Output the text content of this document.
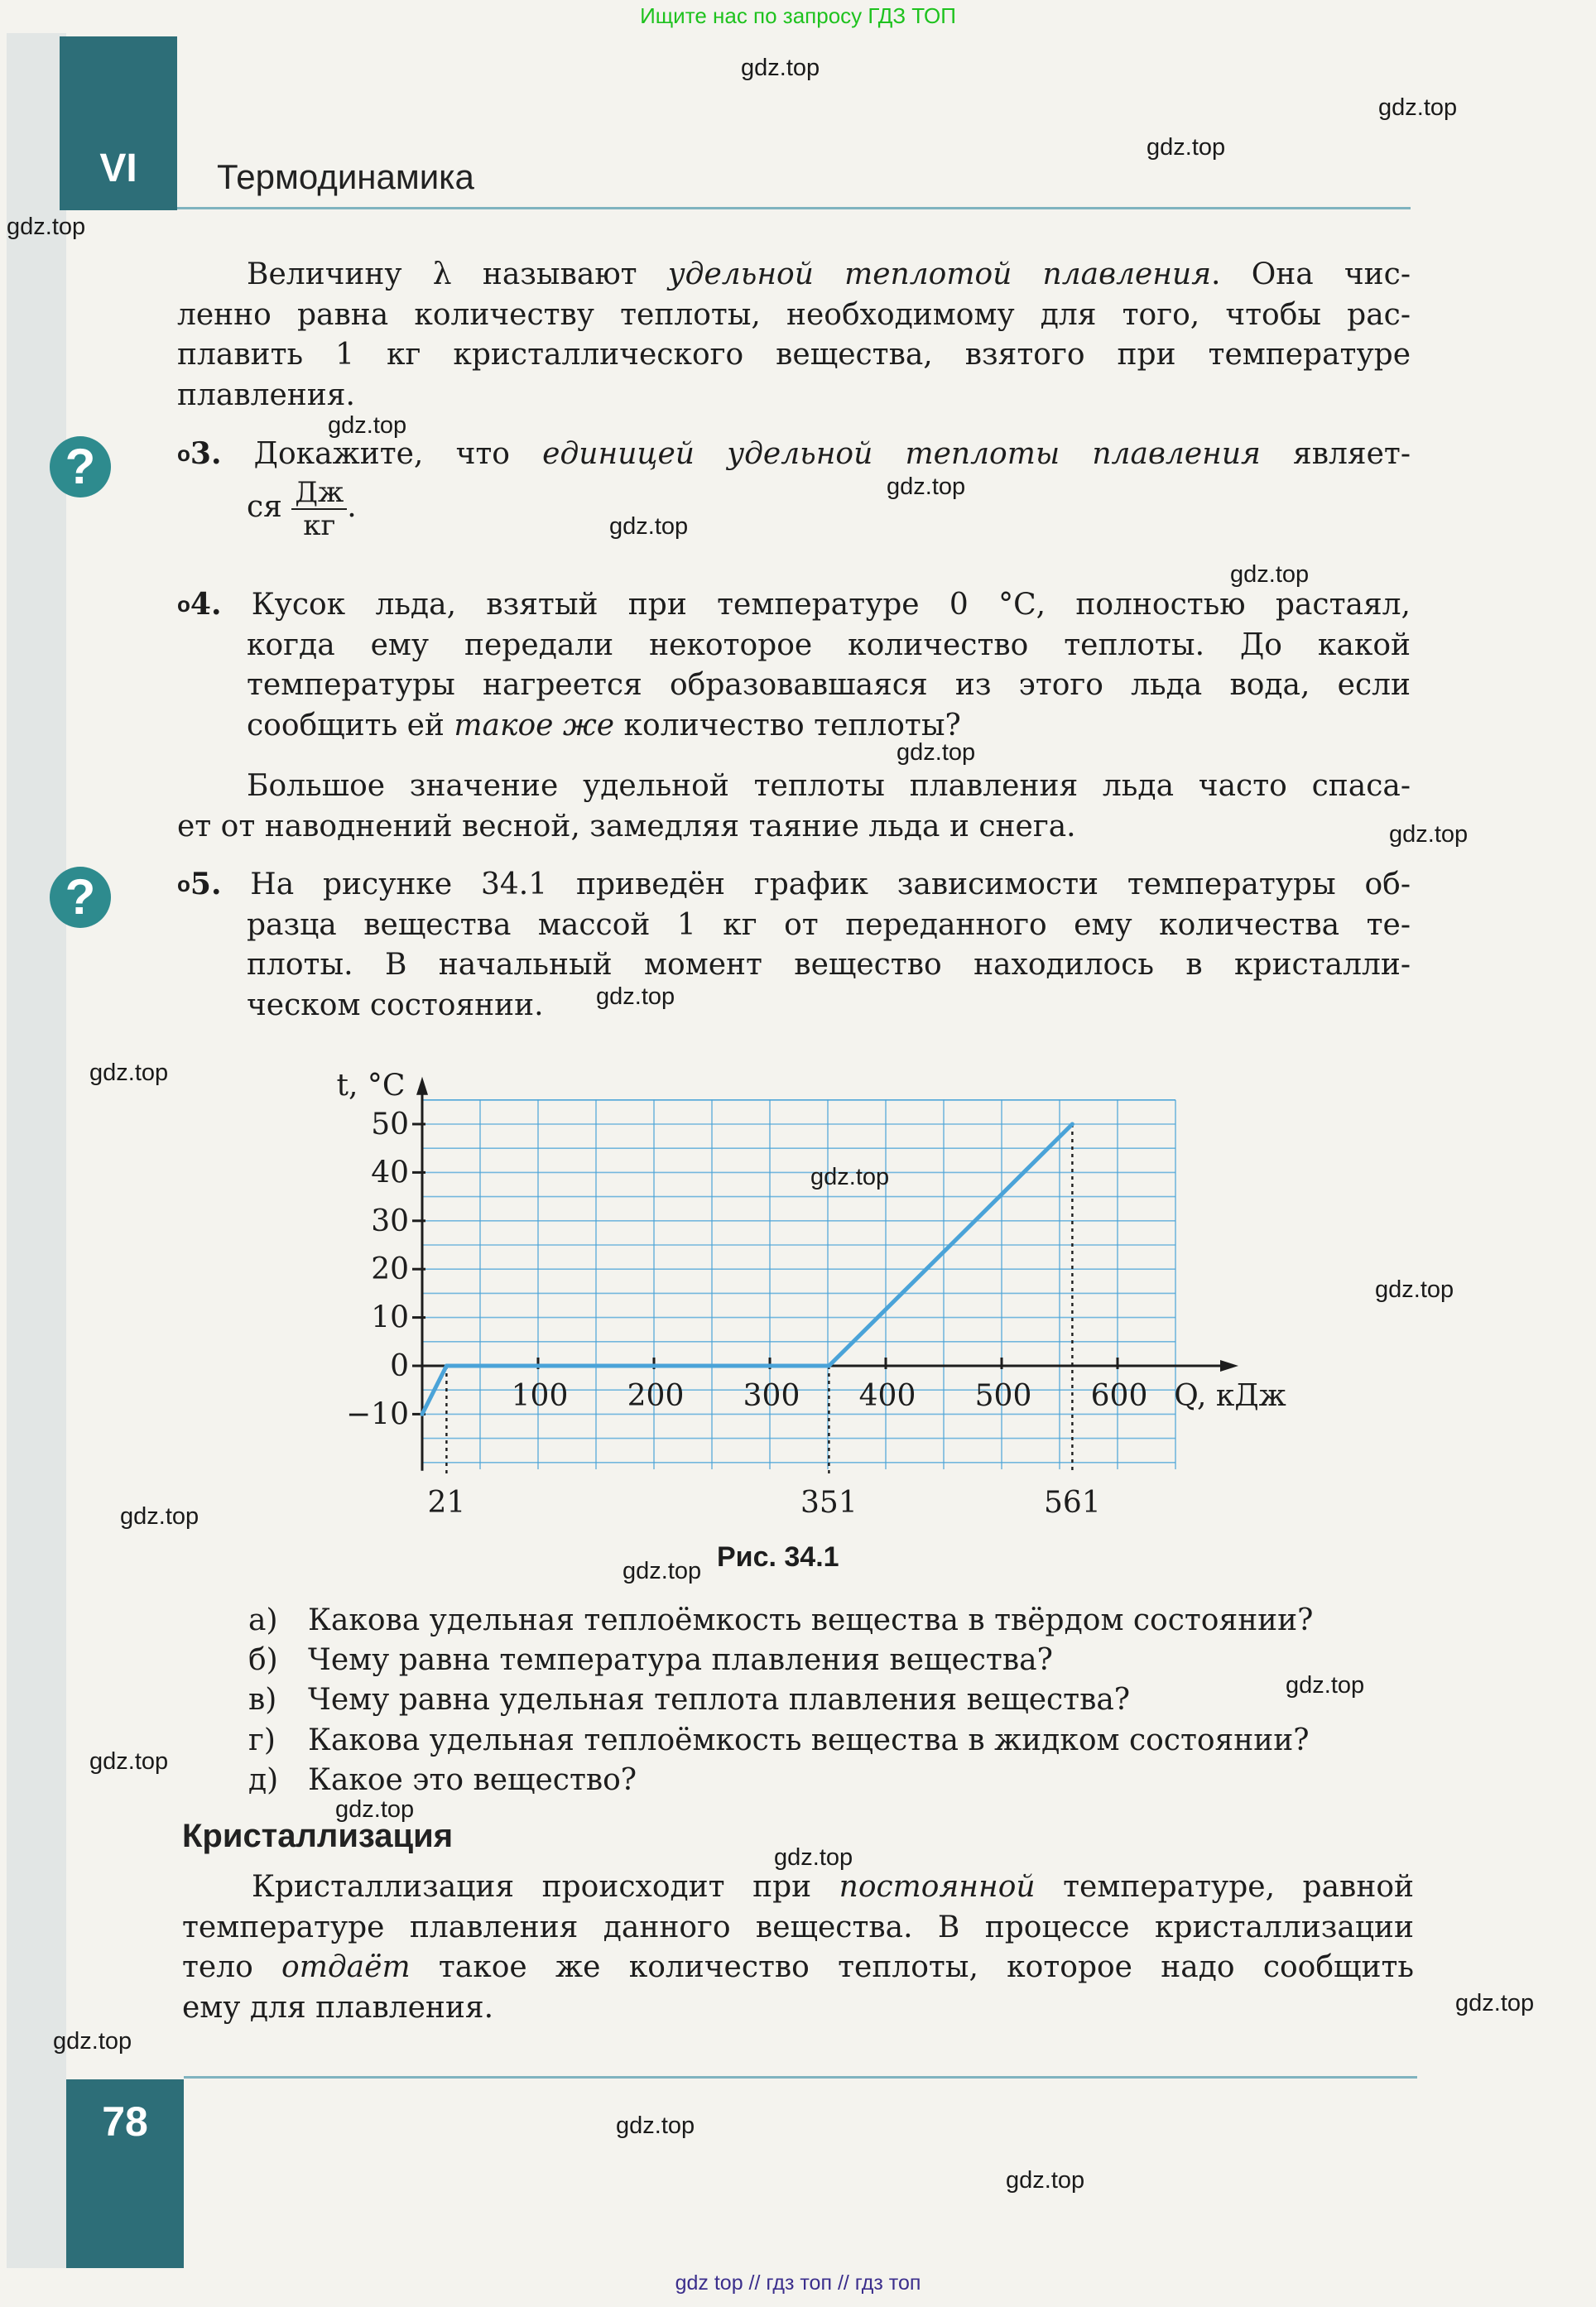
Ищите нас по запросу ГДЗ ТОП
VI	Термодинамика
Величину λ называют удельной теплотой плавления. Она чис-
ленно равна количеству теплоты, необходимому для того, чтобы рас-
плавить 1 кг кристаллического вещества, взятого при температуре
плавления.
?	$^о$3. Докажите, что единицей удельной теплоты плавления являет-
ся $\frac{Дж}{кг}$ .
$^о$4. Кусок льда, взятый при температуре 0 °С, полностью растаял,
когда ему передали некоторое количество теплоты. До какой
температуры нагреется образовавшаяся из этого льда вода, если
сообщить ей такое же количество теплоты?
Большое значение удельной теплоты плавления льда часто спаса-
ет от наводнений весной, замедляя таяние льда и снега.
?	$^о$5. На рисунке 34.1 приведён график зависимости температуры об-
разца вещества массой 1 кг от переданного ему количества те-
плоты. В начальный момент вещество находилось в кристалли-
ческом состоянии.
−10
0
10
20
30
40
50
100 200 300 400 500 600
t, °С
Q, кДж
21	351	561
Рис. 34.1
а) Какова удельная теплоёмкость вещества в твёрдом состоянии?
б) Чему равна температура плавления вещества?
в) Чему равна удельная теплота плавления вещества?
г) Какова удельная теплоёмкость вещества в жидком состоянии?
д) Какое это вещество?
Кристаллизация
Кристаллизация происходит при постоянной температуре, равной
температуре плавления данного вещества. В процессе кристаллизации
тело отдаёт такое же количество теплоты, которое надо сообщить
ему для плавления.
78
gdz top // гдз топ // гдз топ
gdz.top
gdz.top
gdz.top
gdz.top
gdz.top
gdz.top
gdz.top
gdz.top
gdz.top
gdz.top
gdz.top
gdz.top
gdz.top
gdz.top
gdz.top
gdz.top
gdz.top
gdz.top
gdz.top
gdz.top
gdz.top
gdz.top
gdz.top
gdz.top
